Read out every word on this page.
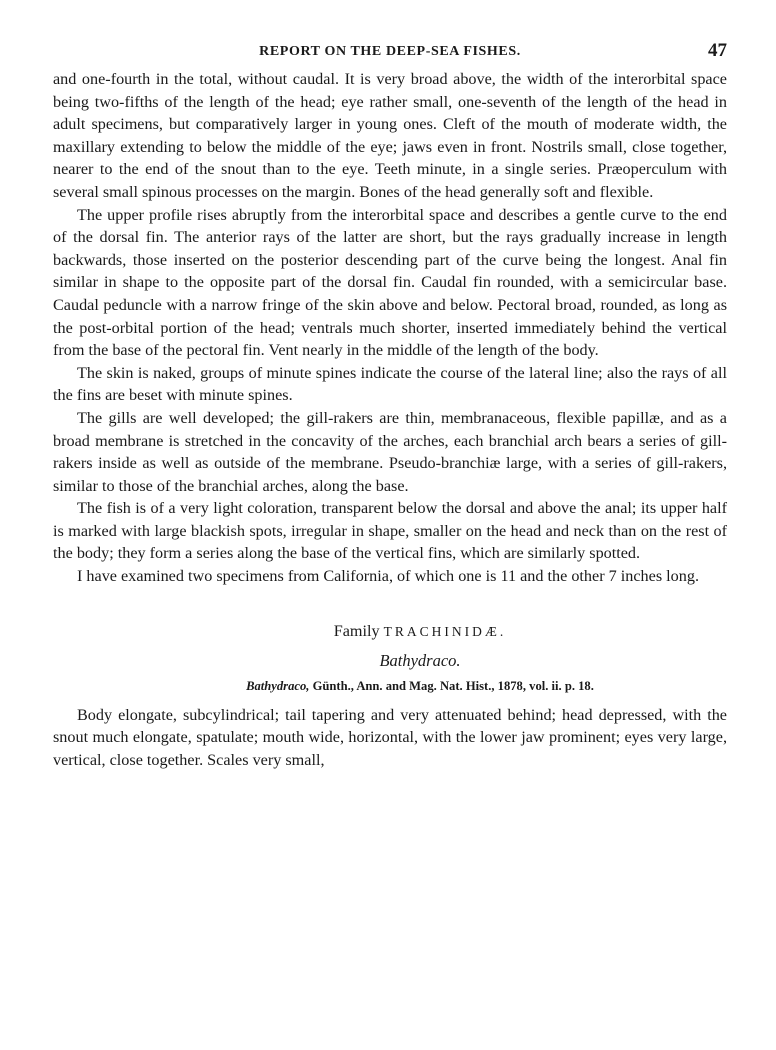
REPORT ON THE DEEP-SEA FISHES.	47

and one-fourth in the total, without caudal. It is very broad above, the width of the interorbital space being two-fifths of the length of the head; eye rather small, one-seventh of the length of the head in adult specimens, but comparatively larger in young ones. Cleft of the mouth of moderate width, the maxillary extending to below the middle of the eye; jaws even in front. Nostrils small, close together, nearer to the end of the snout than to the eye. Teeth minute, in a single series. Præoperculum with several small spinous processes on the margin. Bones of the head generally soft and flexible.

The upper profile rises abruptly from the interorbital space and describes a gentle curve to the end of the dorsal fin. The anterior rays of the latter are short, but the rays gradually increase in length backwards, those inserted on the posterior descending part of the curve being the longest. Anal fin similar in shape to the opposite part of the dorsal fin. Caudal fin rounded, with a semicircular base. Caudal peduncle with a narrow fringe of the skin above and below. Pectoral broad, rounded, as long as the post-orbital portion of the head; ventrals much shorter, inserted immediately behind the vertical from the base of the pectoral fin. Vent nearly in the middle of the length of the body.

The skin is naked, groups of minute spines indicate the course of the lateral line; also the rays of all the fins are beset with minute spines.

The gills are well developed; the gill-rakers are thin, membranaceous, flexible papillæ, and as a broad membrane is stretched in the concavity of the arches, each branchial arch bears a series of gill-rakers inside as well as outside of the membrane. Pseudo-branchiæ large, with a series of gill-rakers, similar to those of the branchial arches, along the base.

The fish is of a very light coloration, transparent below the dorsal and above the anal; its upper half is marked with large blackish spots, irregular in shape, smaller on the head and neck than on the rest of the body; they form a series along the base of the vertical fins, which are similarly spotted.

I have examined two specimens from California, of which one is 11 and the other 7 inches long.

Family TRACHINIDÆ.
Bathydraco.
Bathydraco, Günth., Ann. and Mag. Nat. Hist., 1878, vol. ii. p. 18.

Body elongate, subcylindrical; tail tapering and very attenuated behind; head depressed, with the snout much elongate, spatulate; mouth wide, horizontal, with the lower jaw prominent; eyes very large, vertical, close together. Scales very small,
